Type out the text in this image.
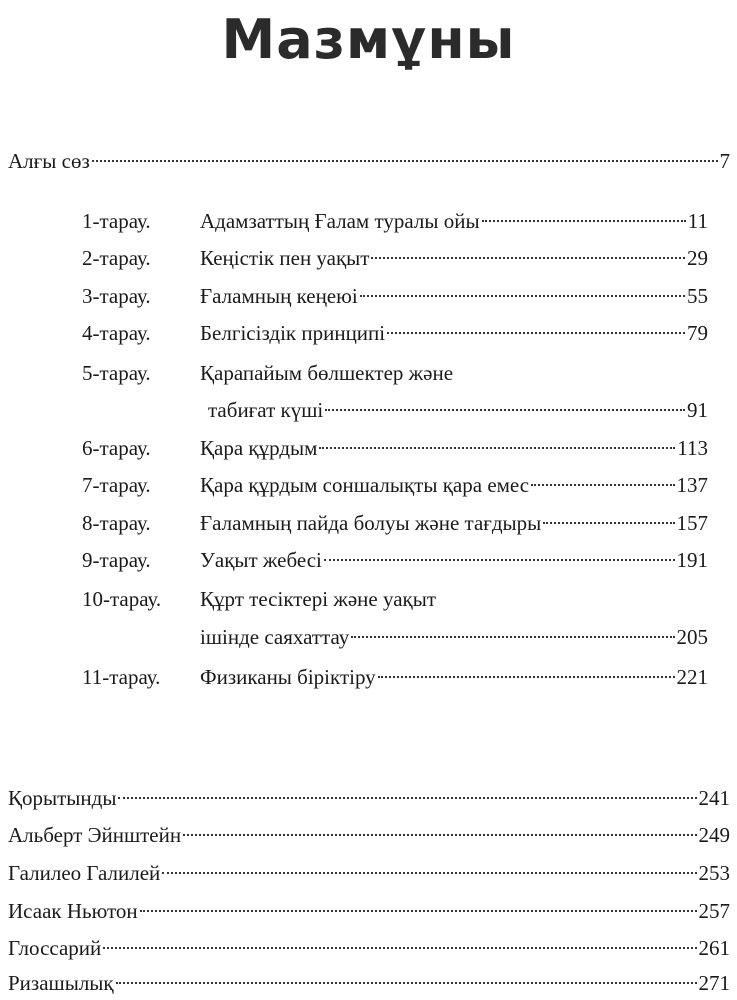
Мазмұны
Алғы сөз	7
1-тарау. Адамзаттың Ғалам туралы ойы	11
2-тарау. Кеңістік пен уақыт	29
3-тарау. Ғаламның кеңеюі	55
4-тарау. Белгісіздік принципі	79
5-тарау. Қарапайым бөлшектер және
табиғат күші	91
6-тарау. Қара құрдым	113
7-тарау. Қара құрдым соншалықты қара емес	137
8-тарау. Ғаламның пайда болуы және тағдыры	157
9-тарау. Уақыт жебесі	191
10-тарау. Құрт тесіктері және уақыт
ішінде саяхаттау	205
11-тарау. Физиканы біріктіру	221
Қорытынды	241
Альберт Эйнштейн	249
Галилео Галилей	253
Исаак Ньютон	257
Глоссарий	261
Ризашылық	271
